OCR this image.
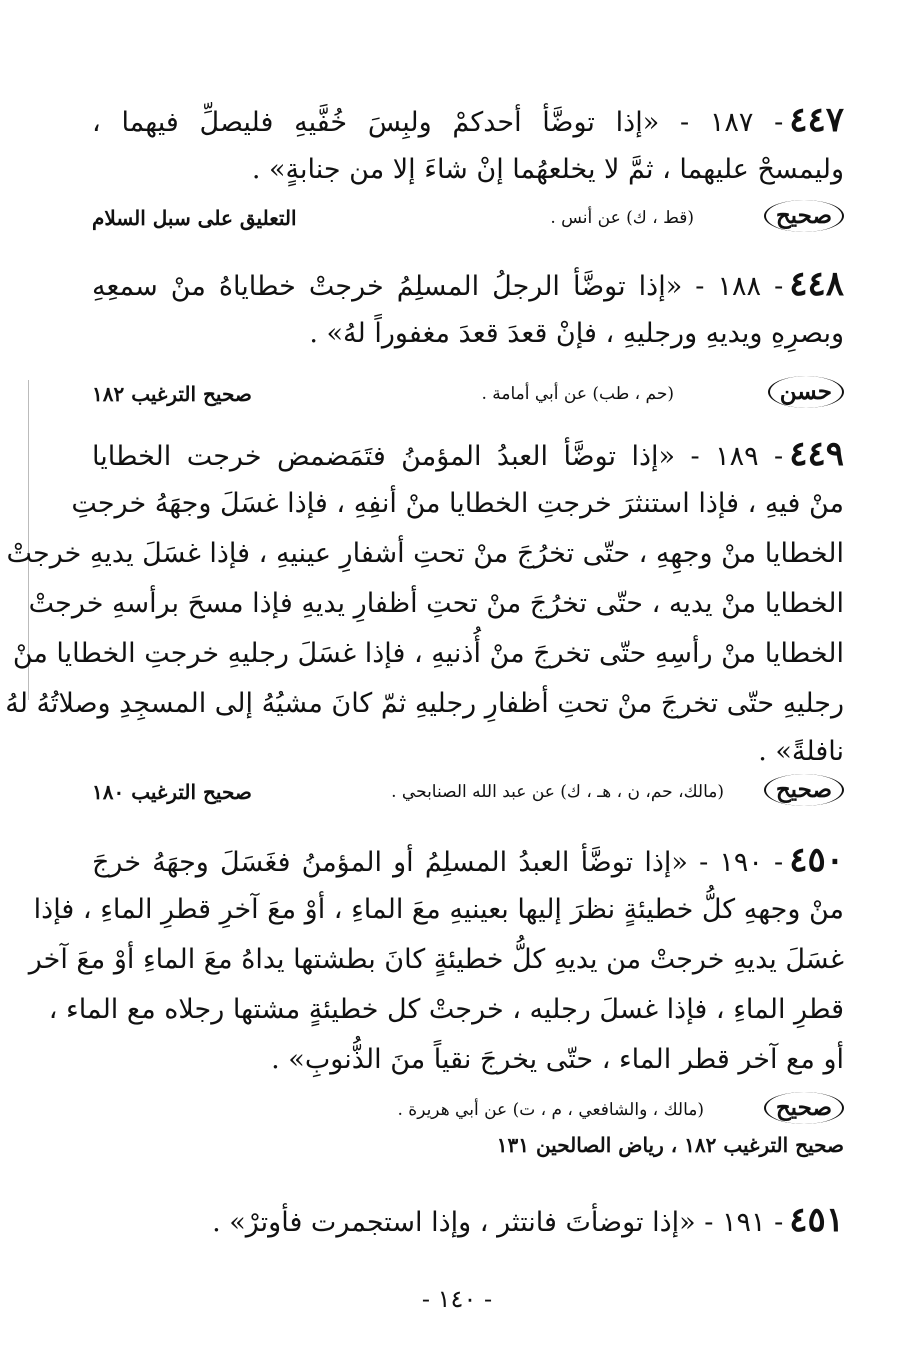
٤٤٧- ١٨٧ - «إذا توضَّأ أحدكمْ ولبِسَ خُفَّيهِ فليصلِّ فيهما ،
وليمسحْ عليهما ، ثمَّ لا يخلعهُما إنْ شاءَ إلا من جنابةٍ» .
صحيح
(قط ، ك) عن أنس .
التعليق على سبل السلام
٤٤٨- ١٨٨ - «إذا توضَّأ الرجلُ المسلِمُ خرجتْ خطاياهُ منْ سمعِهِ
وبصرِهِ ويديهِ ورجليهِ ، فإنْ قعدَ قعدَ مغفوراً لهُ» .
حسن
(حم ، طب) عن أبي أمامة .
صحيح الترغيب ١٨٢
٤٤٩- ١٨٩ - «إذا توضَّأ العبدُ المؤمنُ فتَمَضمض خرجت الخطايا
منْ فيهِ ، فإذا استنثرَ خرجتِ الخطايا منْ أنفِهِ ، فإذا غسَلَ وجهَهُ خرجتِ
الخطايا منْ وجهِهِ ، حتّى تخرُجَ منْ تحتِ أشفارِ عينيهِ ، فإذا غسَلَ يديهِ خرجتْ
الخطايا منْ يديه ، حتّى تخرُجَ منْ تحتِ أظفارِ يديهِ فإذا مسحَ برأسهِ خرجتْ
الخطايا منْ رأسِهِ حتّى تخرجَ منْ أُذنيهِ ، فإذا غسَلَ رجليهِ خرجتِ الخطايا منْ
رجليهِ حتّى تخرجَ منْ تحتِ أظفارِ رجليهِ ثمّ كانَ مشيُهُ إلى المسجِدِ وصلاتُهُ لهُ
نافلةً» .
صحيح
(مالك، حم، ن ، هـ ، ك) عن عبد الله الصنابحي .
صحيح الترغيب ١٨٠
٤٥٠- ١٩٠ - «إذا توضَّأ العبدُ المسلِمُ أو المؤمنُ فغَسَلَ وجهَهُ خرجَ
منْ وجههِ كلُّ خطيئةٍ نظرَ إليها بعينيهِ معَ الماءِ ، أوْ معَ آخرِ قطرِ الماءِ ، فإذا
غسَلَ يديهِ خرجتْ من يديهِ كلُّ خطيئةٍ كانَ بطشتها يداهُ معَ الماءِ أوْ معَ آخر
قطرِ الماءِ ، فإذا غسلَ رجليه ، خرجتْ كل خطيئةٍ مشتها رجلاه مع الماء ،
أو مع آخر قطر الماء ، حتّى يخرجَ نقياً منَ الذُّنوبِ» .
صحيح
(مالك ، والشافعي ، م ، ت) عن أبي هريرة .
صحيح الترغيب ١٨٢ ، رياض الصالحين ١٣١
٤٥١- ١٩١ - «إذا توضأتَ فانتثر ، وإذا استجمرت فأوترْ» .
- ١٤٠ -
